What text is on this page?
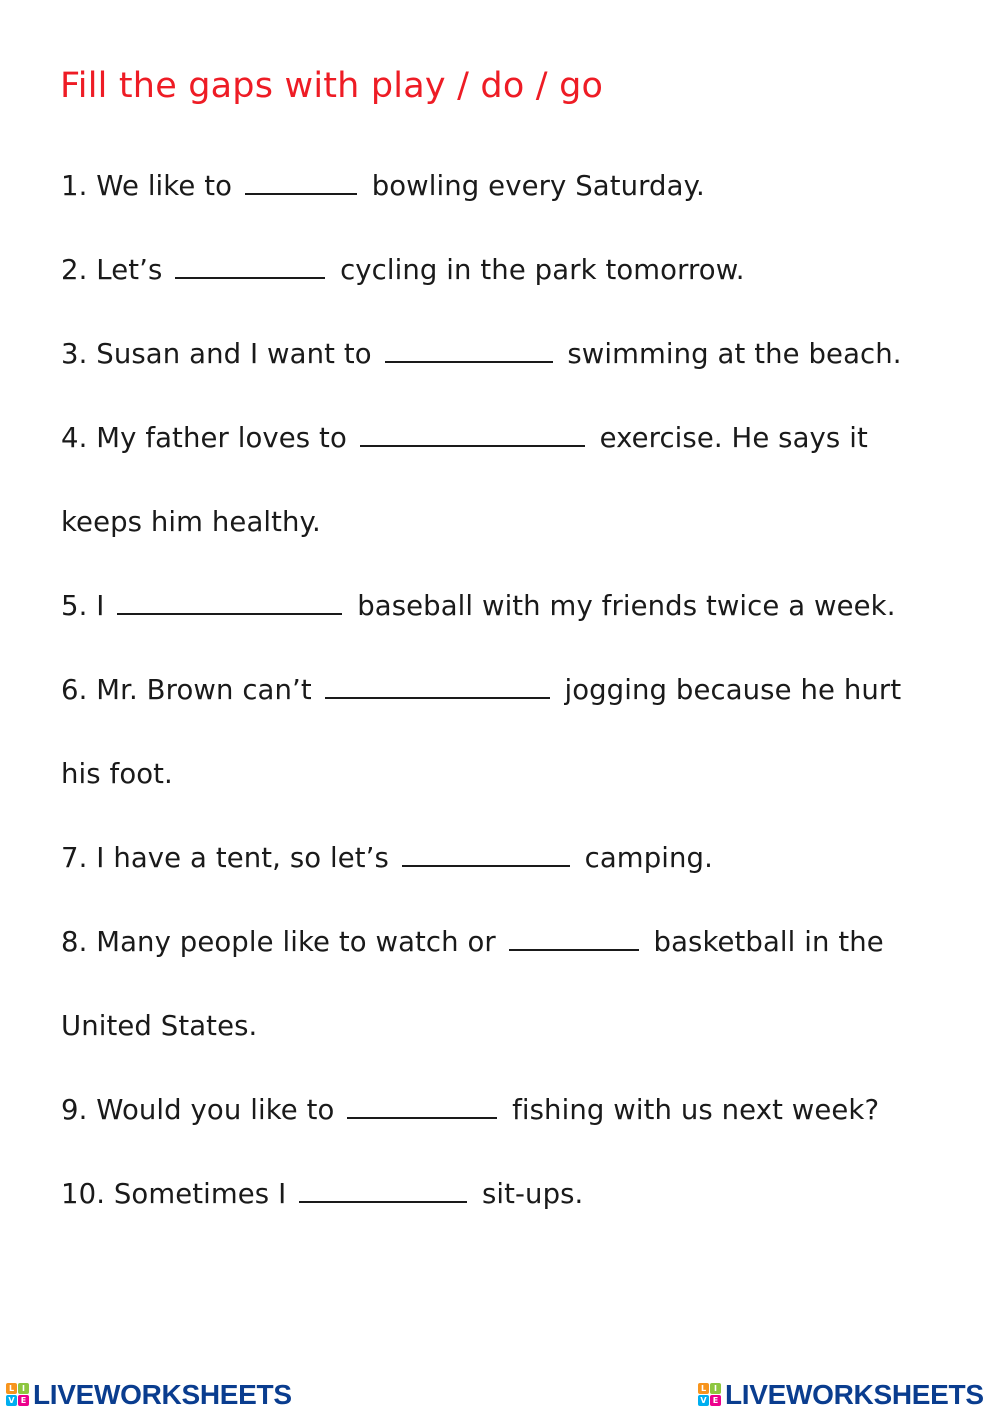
Fill the gaps with play / do / go
1. We like to	bowling every Saturday.
2. Let’s	cycling in the park tomorrow.
3. Susan and I want to	swimming at the beach.
4. My father loves to	exercise. He says it
keeps him healthy.
5. I	baseball with my friends twice a week.
6. Mr. Brown can’t	jogging because he hurt
his foot.
7. I have a tent, so let’s	camping.
8. Many people like to watch or	basketball in the
United States.
9. Would you like to	fishing with us next week?
10. Sometimes I	sit-ups.
L I
V E LIVEWORKSHEETS	L I
V E LIVEWORKSHEETS
